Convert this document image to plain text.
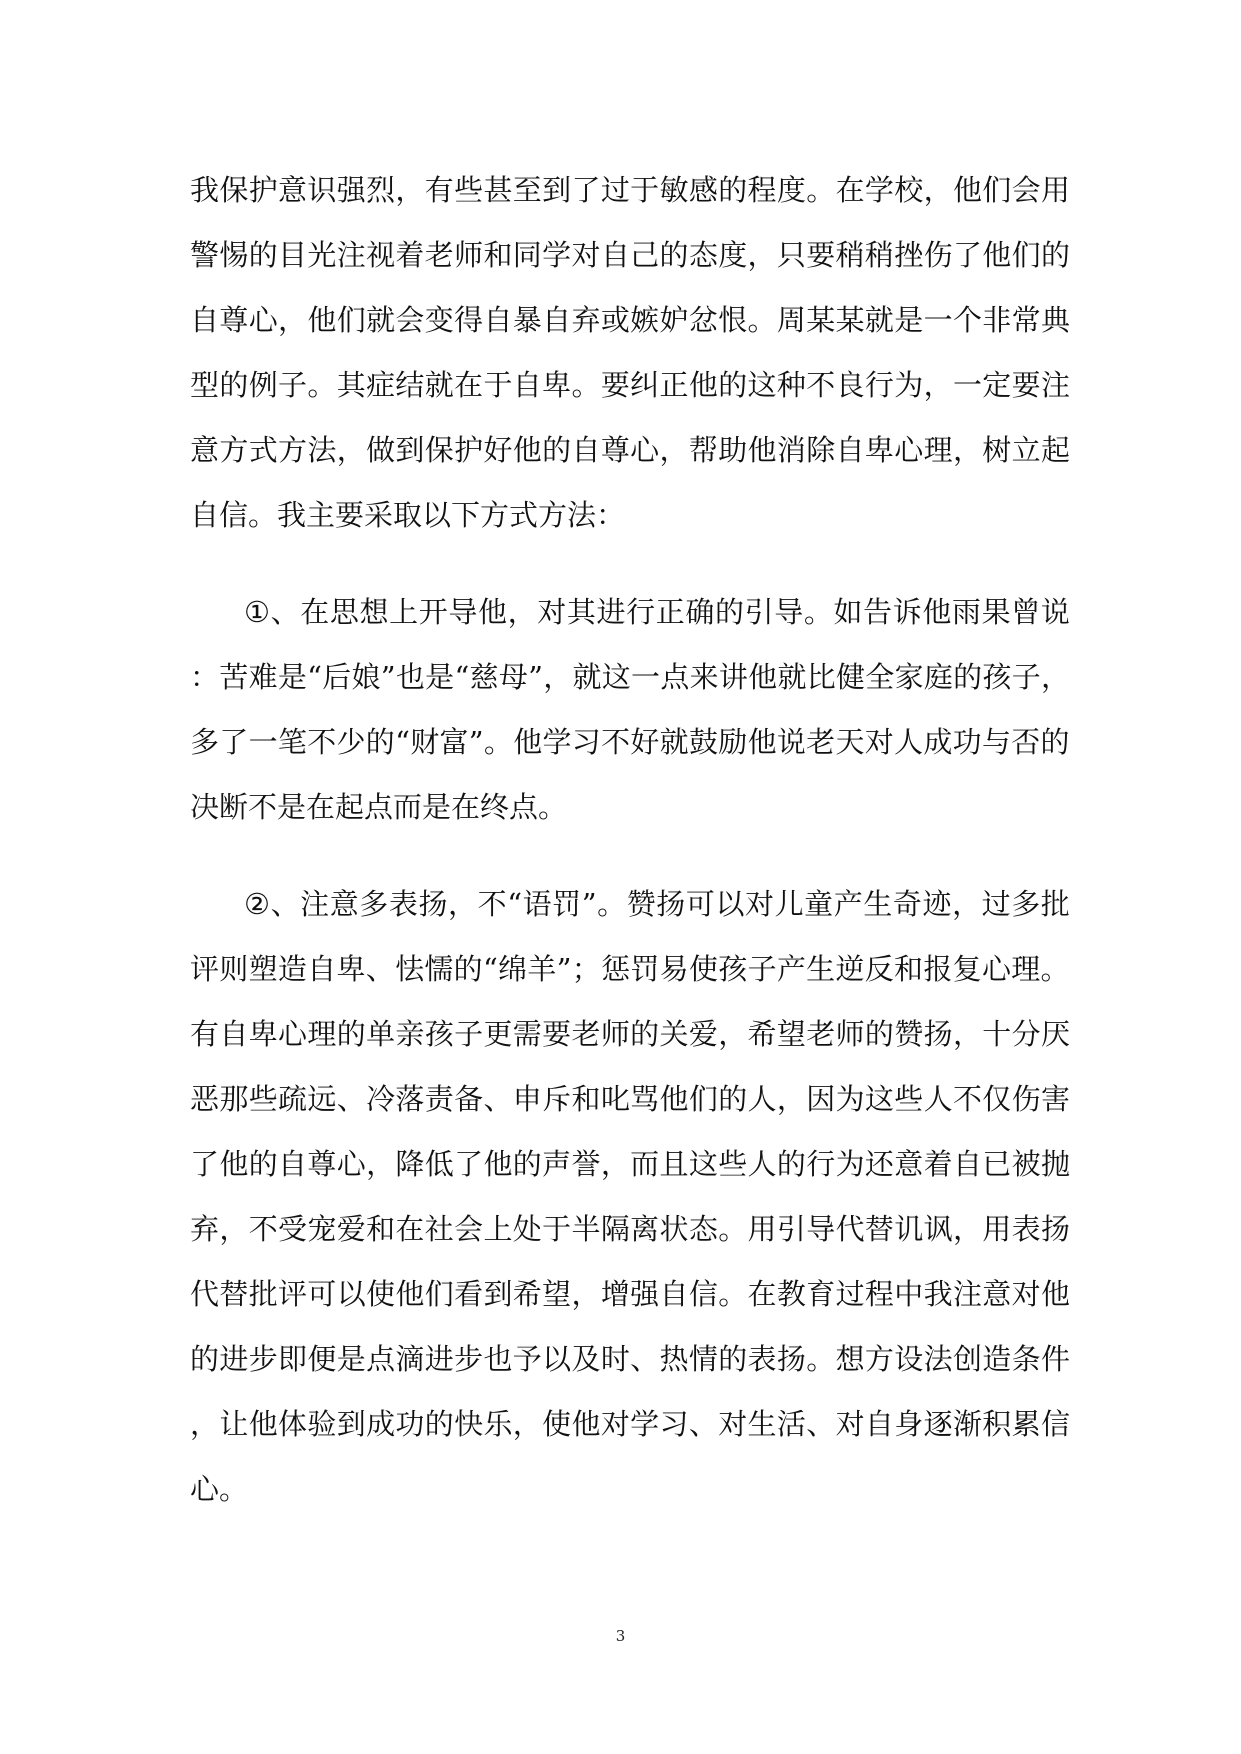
我 保 护 意 识 强 烈 ， 有 些 甚 至 到 了 过 于 敏 感 的 程 度 。 在 学 校 ， 他 们 会 用
警 惕 的 目 光 注 视 着 老 师 和 同 学 对 自 己 的 态 度 ， 只 要 稍 稍 挫 伤 了 他 们 的
自 尊 心 ， 他 们 就 会 变 得 自 暴 自 弃 或 嫉 妒 忿 恨 。 周 某 某 就 是 一 个 非 常 典
型 的 例 子 。 其 症 结 就 在 于 自 卑 。 要 纠 正 他 的 这 种 不 良 行 为 ， 一 定 要 注
意 方 式 方 法 ， 做 到 保 护 好 他 的 自 尊 心 ， 帮 助 他 消 除 自 卑 心 理 ， 树 立 起
自信。我主要采取以下方式方法：
① 、 在 思 想 上 开 导 他 ， 对 其 进 行 正 确 的 引 导 。 如 告 诉 他 雨 果 曾 说
： 苦 难 是 “ 后 娘 ” 也 是 “ 慈 母 ” ， 就 这 一 点 来 讲 他 就 比 健 全 家 庭 的 孩 子 ，
多 了 一 笔 不 少 的 “ 财 富 ” 。 他 学 习 不 好 就 鼓 励 他 说 老 天 对 人 成 功 与 否 的
决断不是在起点而是在终点。
② 、 注 意 多 表 扬 ， 不 “ 语 罚 ” 。 赞 扬 可 以 对 儿 童 产 生 奇 迹 ， 过 多 批
评 则 塑 造 自 卑 、 怯 懦 的 “ 绵 羊 ” ； 惩 罚 易 使 孩 子 产 生 逆 反 和 报 复 心 理 。
有 自 卑 心 理 的 单 亲 孩 子 更 需 要 老 师 的 关 爱 ， 希 望 老 师 的 赞 扬 ， 十 分 厌
恶 那 些 疏 远 、 冷 落 责 备 、 申 斥 和 叱 骂 他 们 的 人 ， 因 为 这 些 人 不 仅 伤 害
了 他 的 自 尊 心 ， 降 低 了 他 的 声 誉 ， 而 且 这 些 人 的 行 为 还 意 着 自 已 被 抛
弃 ， 不 受 宠 爱 和 在 社 会 上 处 于 半 隔 离 状 态 。 用 引 导 代 替 讥 讽 ， 用 表 扬
代 替 批 评 可 以 使 他 们 看 到 希 望 ， 增 强 自 信 。 在 教 育 过 程 中 我 注 意 对 他
的 进 步 即 便 是 点 滴 进 步 也 予 以 及 时 、 热 情 的 表 扬 。 想 方 设 法 创 造 条 件
， 让 他 体 验 到 成 功 的 快 乐 ， 使 他 对 学 习 、 对 生 活 、 对 自 身 逐 渐 积 累 信
心。
3
